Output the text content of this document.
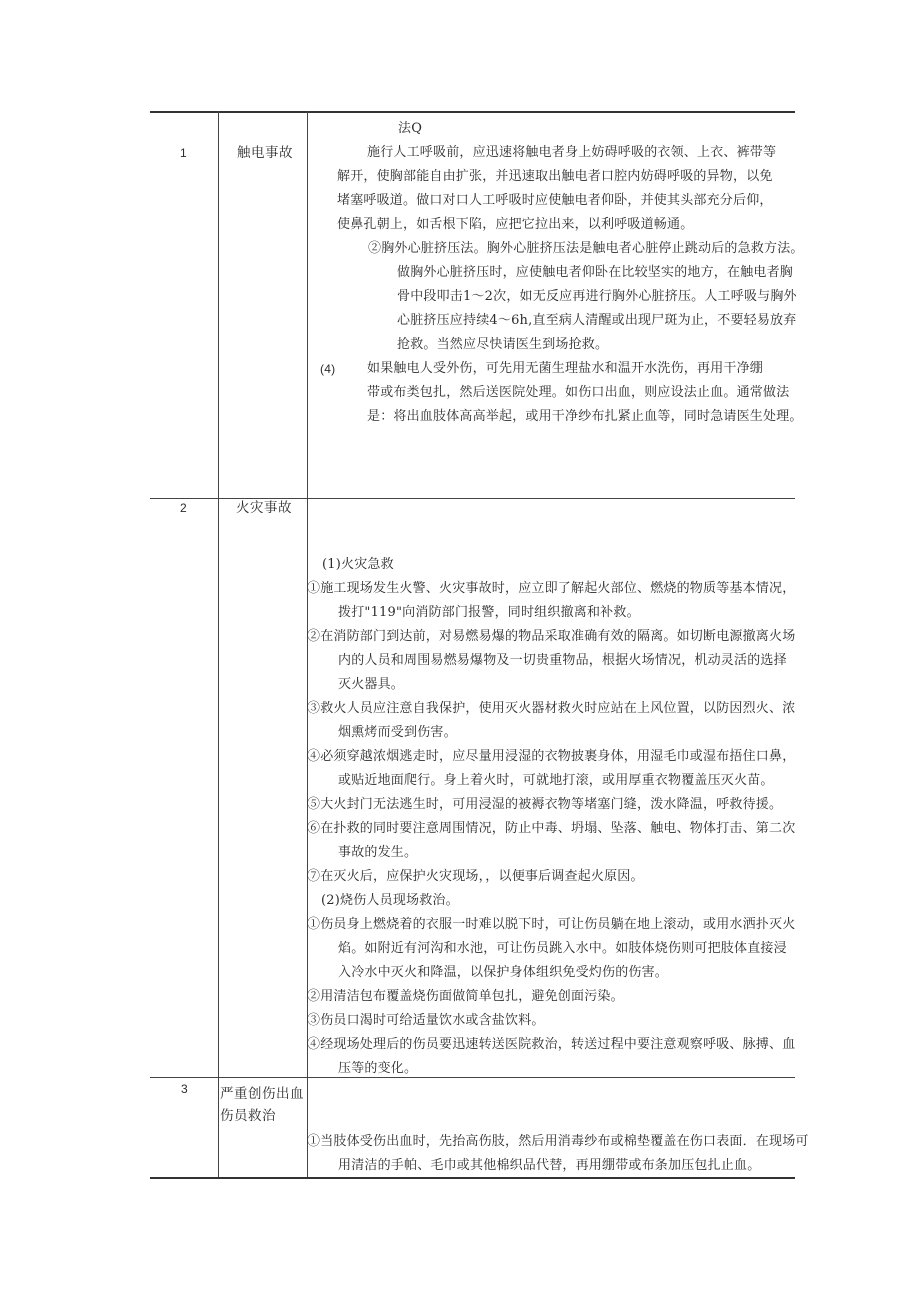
1	触电事故
法Q
施行人工呼吸前，应迅速将触电者身上妨碍呼吸的衣领、上衣、裤带等
解开，使胸部能自由扩张，并迅速取出触电者口腔内妨碍呼吸的异物，以免
堵塞呼吸道。做口对口人工呼吸时应使触电者仰卧，并使其头部充分后仰，
使鼻孔朝上，如舌根下陷，应把它拉出来，以利呼吸道畅通。
②胸外心脏挤压法。胸外心脏挤压法是触电者心脏停止跳动后的急救方法。
做胸外心脏挤压时，应使触电者仰卧在比较坚实的地方，在触电者胸
骨中段叩击1～2次，如无反应再进行胸外心脏挤压。人工呼吸与胸外
心脏挤压应持续4～6h,直至病人清醒或出现尸斑为止，不要轻易放弃
抢救。当然应尽快请医生到场抢救。
(4) 如果触电人受外伤，可先用无菌生理盐水和温开水洗伤，再用干净绷
带或布类包扎，然后送医院处理。如伤口出血，则应设法止血。通常做法
是：将出血肢体高高举起，或用干净纱布扎紧止血等，同时急请医生处理。
2	火灾事故
(1)火灾急救
①施工现场发生火警、火灾事故时，应立即了解起火部位、燃烧的物质等基本情况，
拨打"119"向消防部门报警，同时组织撤离和补救。
②在消防部门到达前，对易燃易爆的物品采取准确有效的隔离。如切断电源撤离火场
内的人员和周围易燃易爆物及一切贵重物品，根据火场情况，机动灵活的选择
灭火器具。
③救火人员应注意自我保护，使用灭火器材救火时应站在上风位置，以防因烈火、浓
烟熏烤而受到伤害。
④必须穿越浓烟逃走时，应尽量用浸湿的衣物披裹身体，用湿毛巾或湿布捂住口鼻，
或贴近地面爬行。身上着火时，可就地打滚，或用厚重衣物覆盖压灭火苗。
⑤大火封门无法逃生时，可用浸湿的被褥衣物等堵塞门缝，泼水降温，呼救待援。
⑥在扑救的同时要注意周围情况，防止中毒、坍塌、坠落、触电、物体打击、第二次
事故的发生。
⑦在灭火后，应保护火灾现场，，以便事后调查起火原因。
(2)烧伤人员现场救治。
①伤员身上燃烧着的衣服一时难以脱下时，可让伤员躺在地上滚动，或用水洒扑灭火
焰。如附近有河沟和水池，可让伤员跳入水中。如肢体烧伤则可把肢体直接浸
入冷水中灭火和降温，以保护身体组织免受灼伤的伤害。
②用清洁包布覆盖烧伤面做简单包扎，避免创面污染。
③伤员口渴时可给适量饮水或含盐饮料。
④经现场处理后的伤员要迅速转送医院救治，转送过程中要注意观察呼吸、脉搏、血
压等的变化。
3 严重创伤出血
伤员救治
①当肢体受伤出血时，先抬高伤肢，然后用消毒纱布或棉垫覆盖在伤口表面．在现场可
用清洁的手帕、毛巾或其他棉织品代替，再用绷带或布条加压包扎止血。
